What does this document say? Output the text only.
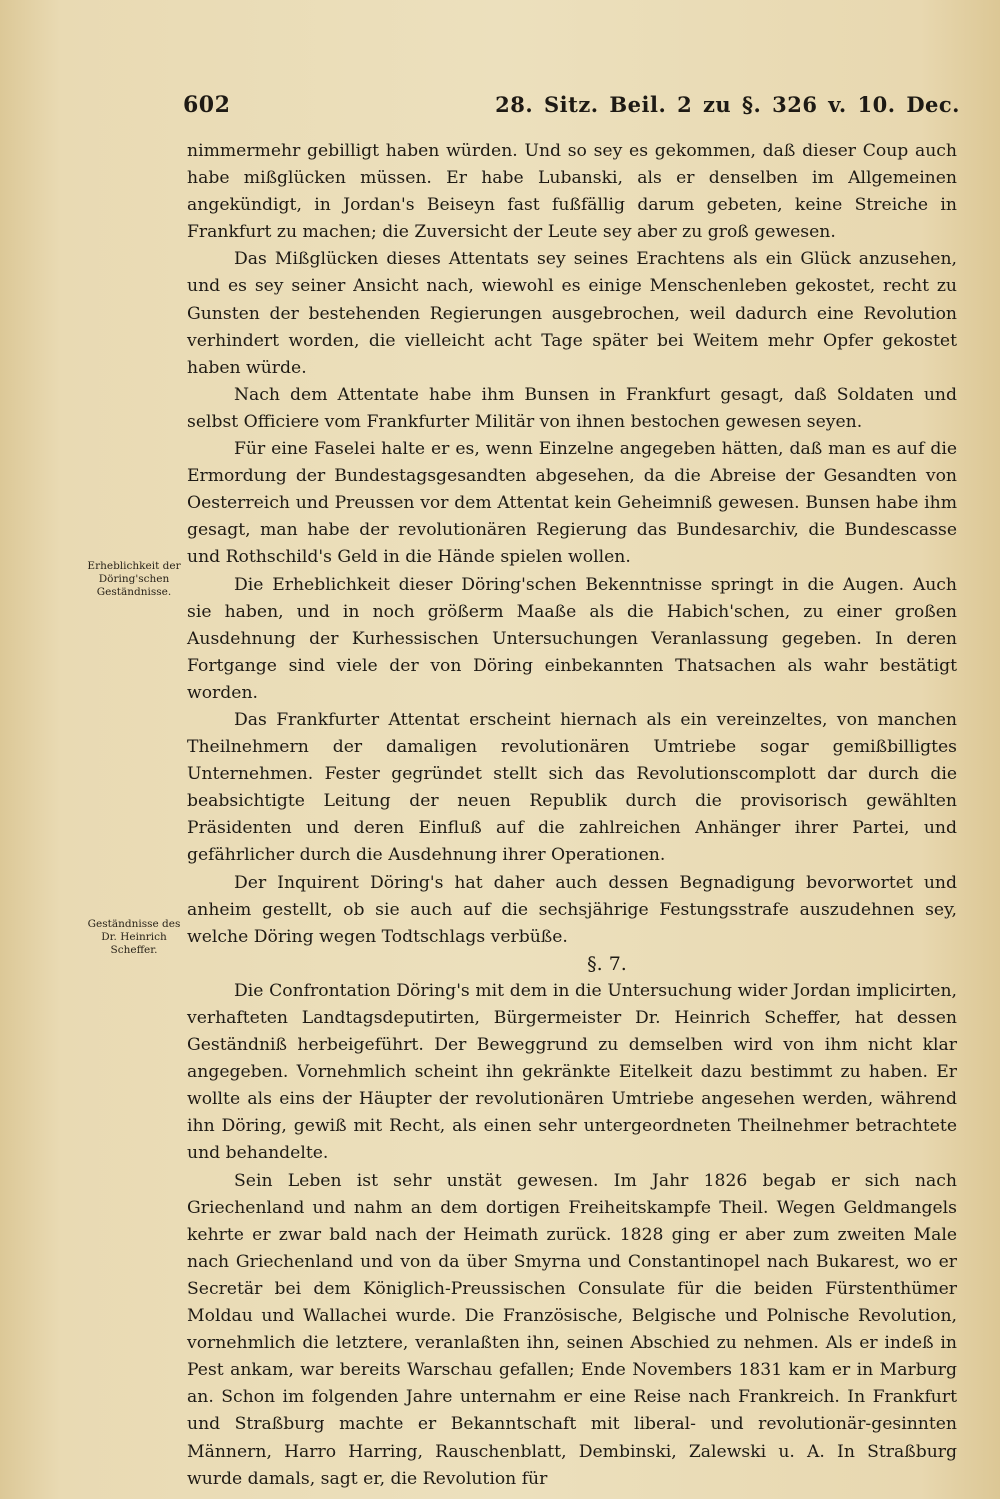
602	28. Sitz. Beil. 2 zu §. 326 v. 10. Dec.
Erheblichkeit der Döring'schen Geständnisse.
Geständnisse des Dr. Heinrich Scheffer.

nimmermehr gebilligt haben würden. Und so sey es gekommen, daß dieser Coup auch habe mißglücken müssen. Er habe Lubanski, als er denselben im Allgemeinen angekündigt, in Jordan's Beiseyn fast fußfällig darum gebeten, keine Streiche in Frankfurt zu machen; die Zuversicht der Leute sey aber zu groß gewesen.

Das Mißglücken dieses Attentats sey seines Erachtens als ein Glück anzusehen, und es sey seiner Ansicht nach, wiewohl es einige Menschenleben gekostet, recht zu Gunsten der bestehenden Regierungen ausgebrochen, weil dadurch eine Revolution verhindert worden, die vielleicht acht Tage später bei Weitem mehr Opfer gekostet haben würde.

Nach dem Attentate habe ihm Bunsen in Frankfurt gesagt, daß Soldaten und selbst Officiere vom Frankfurter Militär von ihnen bestochen gewesen seyen.

Für eine Faselei halte er es, wenn Einzelne angegeben hätten, daß man es auf die Ermordung der Bundestagsgesandten abgesehen, da die Abreise der Gesandten von Oesterreich und Preussen vor dem Attentat kein Geheimniß gewesen. Bunsen habe ihm gesagt, man habe der revolutionären Regierung das Bundesarchiv, die Bundescasse und Rothschild's Geld in die Hände spielen wollen.

Die Erheblichkeit dieser Döring'schen Bekenntnisse springt in die Augen. Auch sie haben, und in noch größerm Maaße als die Habich'schen, zu einer großen Ausdehnung der Kurhessischen Untersuchungen Veranlassung gegeben. In deren Fortgange sind viele der von Döring einbekannten Thatsachen als wahr bestätigt worden.

Das Frankfurter Attentat erscheint hiernach als ein vereinzeltes, von manchen Theilnehmern der damaligen revolutionären Umtriebe sogar gemißbilligtes Unternehmen. Fester gegründet stellt sich das Revolutionscomplott dar durch die beabsichtigte Leitung der neuen Republik durch die provisorisch gewählten Präsidenten und deren Einfluß auf die zahlreichen Anhänger ihrer Partei, und gefährlicher durch die Ausdehnung ihrer Operationen.

Der Inquirent Döring's hat daher auch dessen Begnadigung bevorwortet und anheim gestellt, ob sie auch auf die sechsjährige Festungsstrafe auszudehnen sey, welche Döring wegen Todtschlags verbüße.

§. 7.

Die Confrontation Döring's mit dem in die Untersuchung wider Jordan implicirten, verhafteten Landtagsdeputirten, Bürgermeister Dr. Heinrich Scheffer, hat dessen Geständniß herbeigeführt. Der Beweggrund zu demselben wird von ihm nicht klar angegeben. Vornehmlich scheint ihn gekränkte Eitelkeit dazu bestimmt zu haben. Er wollte als eins der Häupter der revolutionären Umtriebe angesehen werden, während ihn Döring, gewiß mit Recht, als einen sehr untergeordneten Theilnehmer betrachtete und behandelte.

Sein Leben ist sehr unstät gewesen. Im Jahr 1826 begab er sich nach Griechenland und nahm an dem dortigen Freiheitskampfe Theil. Wegen Geldmangels kehrte er zwar bald nach der Heimath zurück. 1828 ging er aber zum zweiten Male nach Griechenland und von da über Smyrna und Constantinopel nach Bukarest, wo er Secretär bei dem Königlich-Preussischen Consulate für die beiden Fürstenthümer Moldau und Wallachei wurde. Die Französische, Belgische und Polnische Revolution, vornehmlich die letztere, veranlaßten ihn, seinen Abschied zu nehmen. Als er indeß in Pest ankam, war bereits Warschau gefallen; Ende Novembers 1831 kam er in Marburg an. Schon im folgenden Jahre unternahm er eine Reise nach Frankreich. In Frankfurt und Straßburg machte er Bekanntschaft mit liberal- und revolutionär-gesinnten Männern, Harro Harring, Rauschenblatt, Dembinski, Zalewski u. A. In Straßburg wurde damals, sagt er, die Revolution für
